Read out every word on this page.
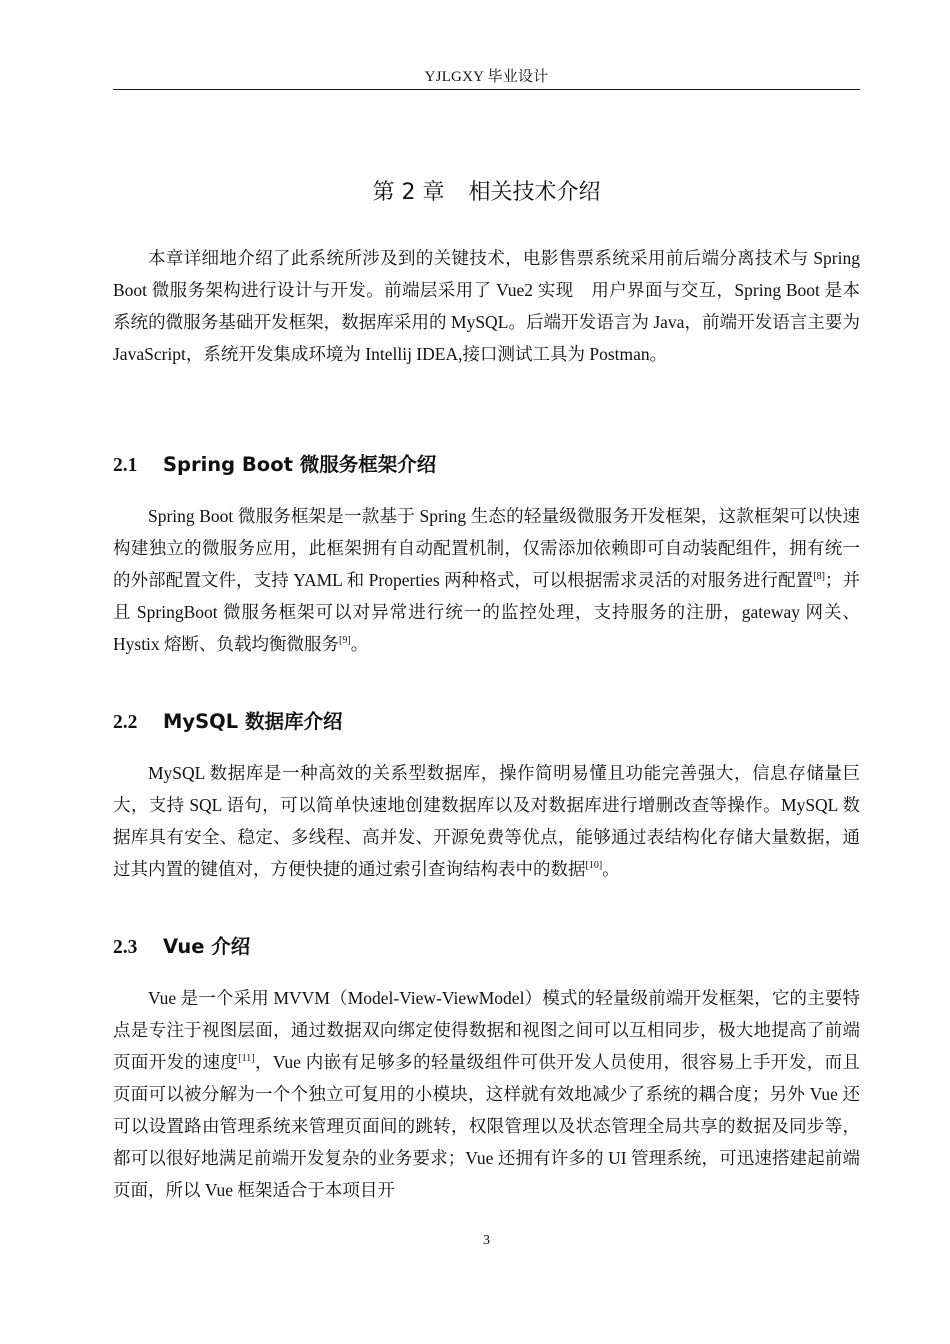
YJLGXY 毕业设计
第 2 章 相关技术介绍

本章详细地介绍了此系统所涉及到的关键技术，电影售票系统采用前后端分离技术与 Spring Boot 微服务架构进行设计与开发。前端层采用了 Vue2 实现　用户界面与交互，Spring Boot 是本系统的微服务基础开发框架，数据库采用的 MySQL。后端开发语言为 Java，前端开发语言主要为 JavaScript，系统开发集成环境为 Intellij IDEA,接口测试工具为 Postman。

2.1 Spring Boot 微服务框架介绍

Spring Boot 微服务框架是一款基于 Spring 生态的轻量级微服务开发框架，这款框架可以快速构建独立的微服务应用，此框架拥有自动配置机制，仅需添加依赖即可自动装配组件，拥有统一的外部配置文件，支持 YAML 和 Properties 两种格式，可以根据需求灵活的对服务进行配置[8]；并且 SpringBoot 微服务框架可以对异常进行统一的监控处理，支持服务的注册，gateway 网关、Hystix 熔断、负载均衡微服务[9]。

2.2 MySQL 数据库介绍

MySQL 数据库是一种高效的关系型数据库，操作简明易懂且功能完善强大，信息存储量巨大，支持 SQL 语句，可以简单快速地创建数据库以及对数据库进行增删改查等操作。MySQL 数据库具有安全、稳定、多线程、高并发、开源免费等优点，能够通过表结构化存储大量数据，通过其内置的键值对，方便快捷的通过索引查询结构表中的数据[10]。

2.3 Vue 介绍

Vue 是一个采用 MVVM（Model-View-ViewModel）模式的轻量级前端开发框架，它的主要特点是专注于视图层面，通过数据双向绑定使得数据和视图之间可以互相同步，极大地提高了前端页面开发的速度[11]，Vue 内嵌有足够多的轻量级组件可供开发人员使用，很容易上手开发，而且页面可以被分解为一个个独立可复用的小模块，这样就有效地减少了系统的耦合度；另外 Vue 还可以设置路由管理系统来管理页面间的跳转，权限管理以及状态管理全局共享的数据及同步等，都可以很好地满足前端开发复杂的业务要求；Vue 还拥有许多的 UI 管理系统，可迅速搭建起前端页面，所以 Vue 框架适合于本项目开

3
